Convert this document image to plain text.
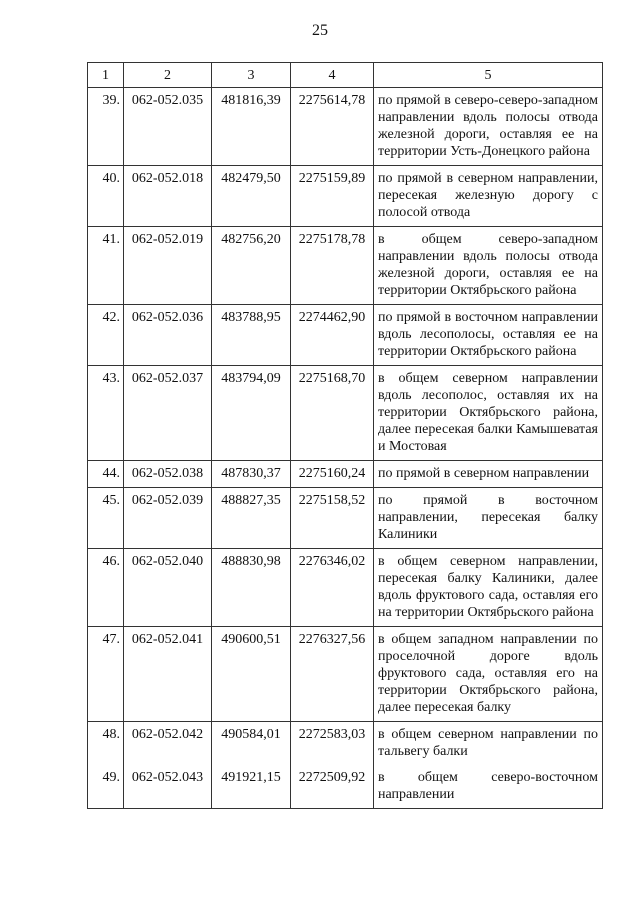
25
1	2	3	4	5
39.	062-052.035	481816,39	2275614,78	по прямой в северо-северо-западном направлении вдоль полосы отвода железной дороги, оставляя ее на территории Усть-Донецкого района
40.	062-052.018	482479,50	2275159,89	по прямой в северном направлении, пересекая железную дорогу с полосой отвода
41.	062-052.019	482756,20	2275178,78	в общем северо-западном направлении вдоль полосы отвода железной дороги, оставляя ее на территории Октябрьского района
42.	062-052.036	483788,95	2274462,90	по прямой в восточном направлении вдоль лесополосы, оставляя ее на территории Октябрьского района
43.	062-052.037	483794,09	2275168,70	в общем северном направлении вдоль лесополос, оставляя их на территории Октябрьского района, далее пересекая балки Камышеватая и Мостовая
44.	062-052.038	487830,37	2275160,24	по прямой в северном направлении
45.	062-052.039	488827,35	2275158,52	по прямой в восточном направлении, пересекая балку Калиники
46.	062-052.040	488830,98	2276346,02	в общем северном направлении, пересекая балку Калиники, далее вдоль фруктового сада, оставляя его на территории Октябрьского района
47.	062-052.041	490600,51	2276327,56	в общем западном направлении по проселочной дороге вдоль фруктового сада, оставляя его на территории Октябрьского района, далее пересекая балку
48.	062-052.042	490584,01	2272583,03	в общем северном направлении по тальвегу балки
49.	062-052.043	491921,15	2272509,92	в общем северо-восточном направлении
